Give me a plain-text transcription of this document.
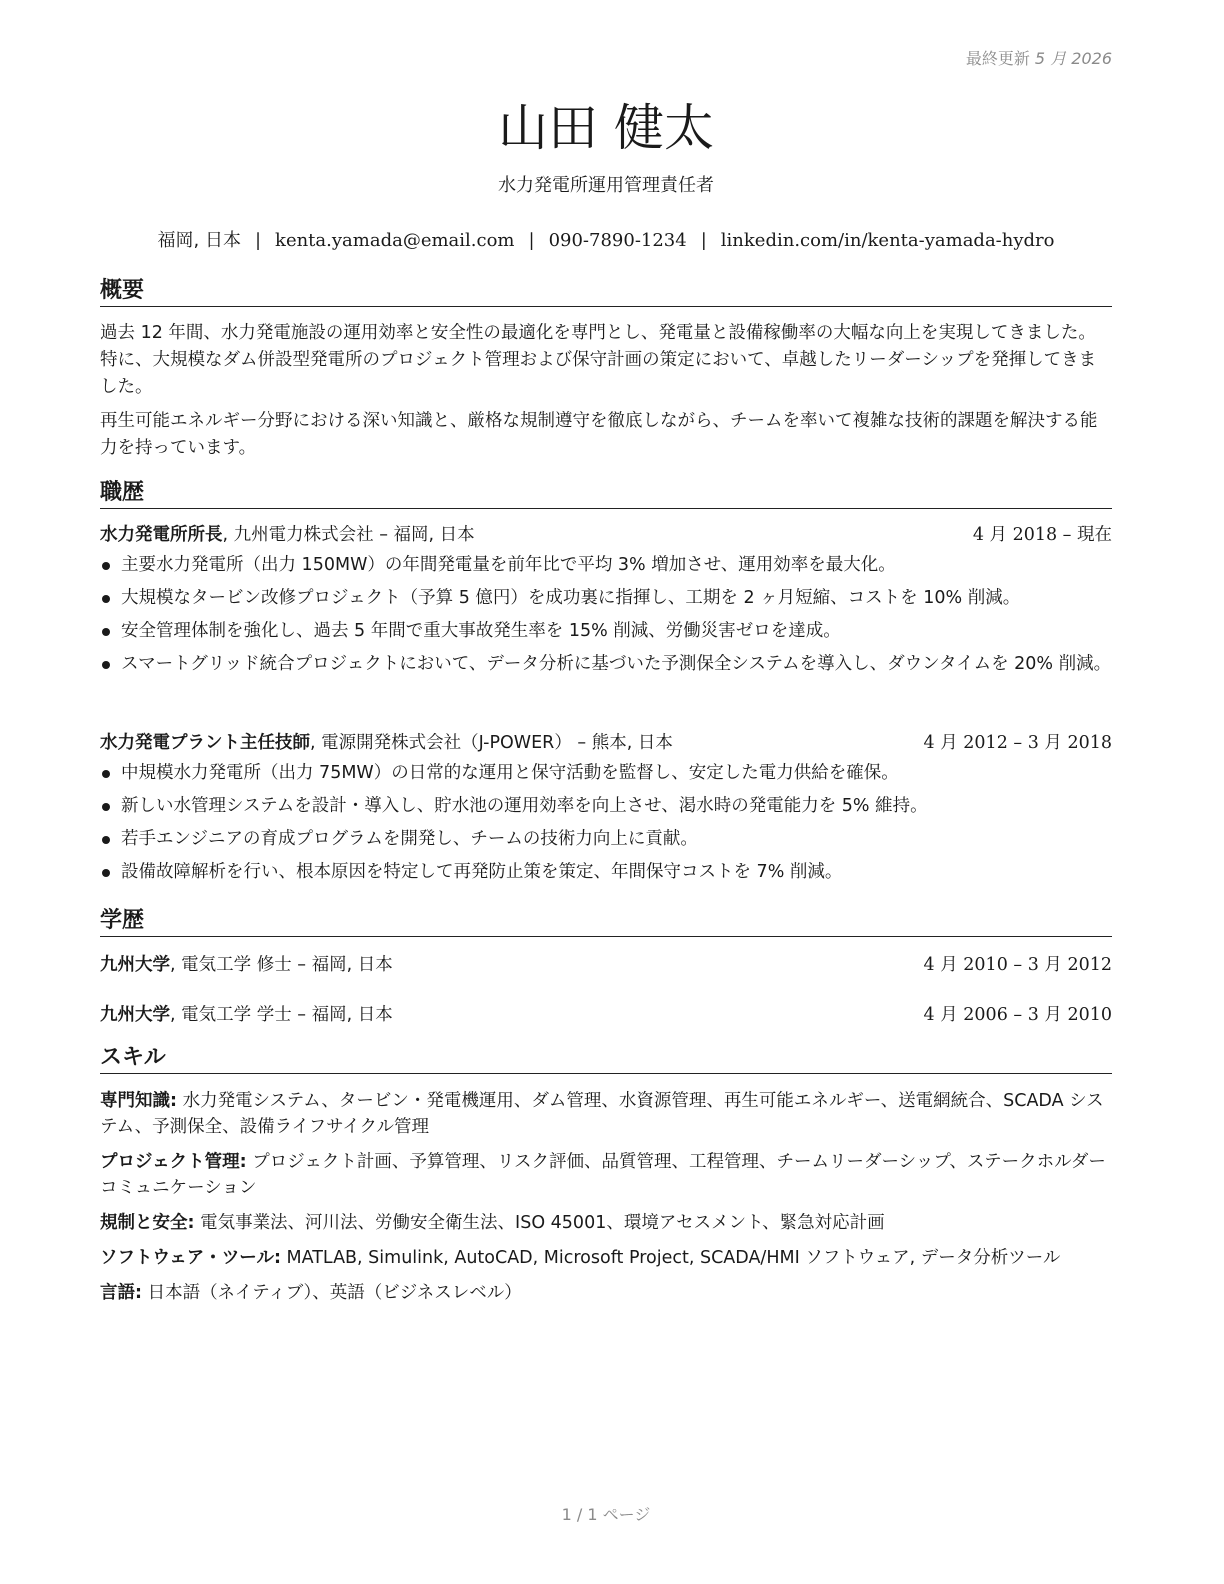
最終更新 5 月 2026
山田 健太
水力発電所運用管理責任者
福岡, 日本 | kenta.yamada@email.com | 090-7890-1234 | linkedin.com/in/kenta-yamada-hydro
概要
過去 12 年間、水力発電施設の運用効率と安全性の最適化を専門とし、発電量と設備稼働率の大幅な向上を実現してきました。特に、大規模なダム併設型発電所のプロジェクト管理および保守計画の策定において、卓越したリーダーシップを発揮してきました。
再生可能エネルギー分野における深い知識と、厳格な規制遵守を徹底しながら、チームを率いて複雑な技術的課題を解決する能力を持っています。
職歴
水力発電所所長, 九州電力株式会社 – 福岡, 日本	4 月 2018 – 現在
主要水力発電所（出力 150MW）の年間発電量を前年比で平均 3% 増加させ、運用効率を最大化。
大規模なタービン改修プロジェクト（予算 5 億円）を成功裏に指揮し、工期を 2 ヶ月短縮、コストを 10% 削減。
安全管理体制を強化し、過去 5 年間で重大事故発生率を 15% 削減、労働災害ゼロを達成。
スマートグリッド統合プロジェクトにおいて、データ分析に基づいた予測保全システムを導入し、ダウンタイムを 20% 削減。
水力発電プラント主任技師, 電源開発株式会社（J-POWER） – 熊本, 日本	4 月 2012 – 3 月 2018
中規模水力発電所（出力 75MW）の日常的な運用と保守活動を監督し、安定した電力供給を確保。
新しい水管理システムを設計・導入し、貯水池の運用効率を向上させ、渇水時の発電能力を 5% 維持。
若手エンジニアの育成プログラムを開発し、チームの技術力向上に貢献。
設備故障解析を行い、根本原因を特定して再発防止策を策定、年間保守コストを 7% 削減。
学歴
九州大学, 電気工学 修士 – 福岡, 日本	4 月 2010 – 3 月 2012
九州大学, 電気工学 学士 – 福岡, 日本	4 月 2006 – 3 月 2010
スキル
専門知識: 水力発電システム、タービン・発電機運用、ダム管理、水資源管理、再生可能エネルギー、送電網統合、SCADA システム、予測保全、設備ライフサイクル管理
プロジェクト管理: プロジェクト計画、予算管理、リスク評価、品質管理、工程管理、チームリーダーシップ、ステークホルダーコミュニケーション
規制と安全: 電気事業法、河川法、労働安全衛生法、ISO 45001、環境アセスメント、緊急対応計画
ソフトウェア・ツール: MATLAB, Simulink, AutoCAD, Microsoft Project, SCADA/HMI ソフトウェア, データ分析ツール
言語: 日本語（ネイティブ）、英語（ビジネスレベル）
1 / 1 ページ
